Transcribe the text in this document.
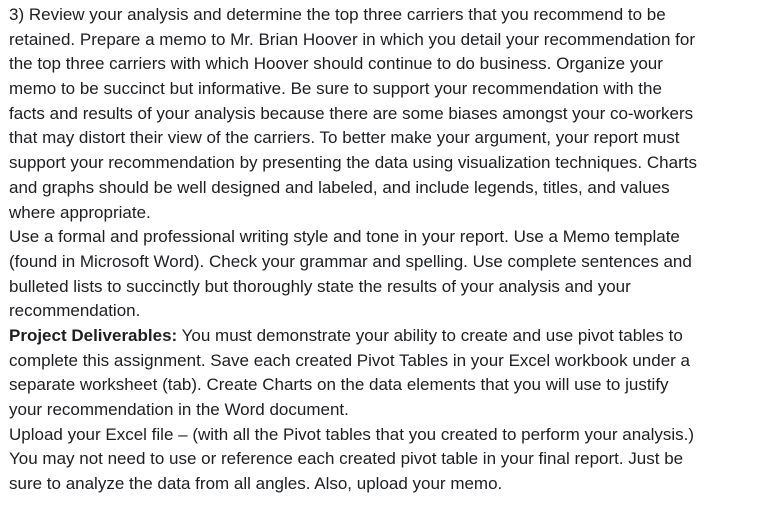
3) Review your analysis and determine the top three carriers that you recommend to be
retained. Prepare a memo to Mr. Brian Hoover in which you detail your recommendation for
the top three carriers with which Hoover should continue to do business. Organize your
memo to be succinct but informative. Be sure to support your recommendation with the
facts and results of your analysis because there are some biases amongst your co-workers
that may distort their view of the carriers. To better make your argument, your report must
support your recommendation by presenting the data using visualization techniques. Charts
and graphs should be well designed and labeled, and include legends, titles, and values
where appropriate.
Use a formal and professional writing style and tone in your report. Use a Memo template
(found in Microsoft Word). Check your grammar and spelling. Use complete sentences and
bulleted lists to succinctly but thoroughly state the results of your analysis and your
recommendation.
Project Deliverables: You must demonstrate your ability to create and use pivot tables to
complete this assignment. Save each created Pivot Tables in your Excel workbook under a
separate worksheet (tab). Create Charts on the data elements that you will use to justify
your recommendation in the Word document.
Upload your Excel file – (with all the Pivot tables that you created to perform your analysis.)
You may not need to use or reference each created pivot table in your final report. Just be
sure to analyze the data from all angles. Also, upload your memo.
